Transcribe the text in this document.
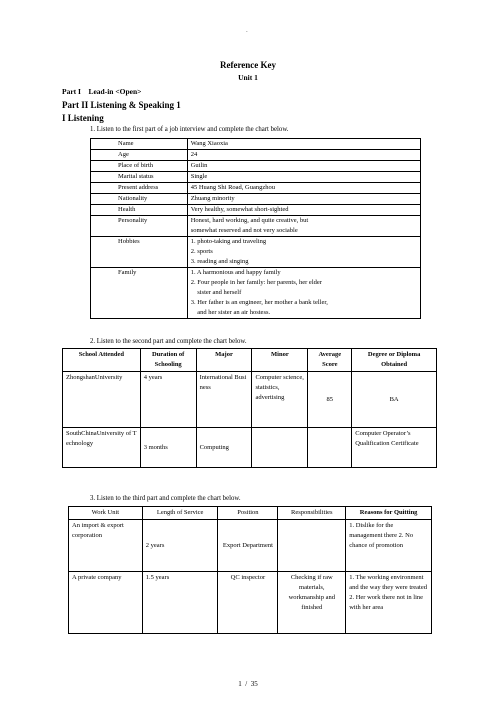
.
Reference Key
Unit 1
Part I    Lead-in <Open>
Part II Listening & Speaking 1
I Listening
1. Listen to the first part of a job interview and complete the chart below.
Name	Wang Xiaoxia

Age	24

Place of birth	Guilin

Marital status	Single

Present address	45 Huang Shi Road, Guangzhou

Nationality	Zhuang minority

Health	Very healthy, somewhat short-sighted

Personality	Honest, hard working, and quite creative, but
somewhat reserved and not very sociable

Hobbies	1. photo-taking and traveling
2. sports
3. reading and singing

Family	1. A harmonious and happy family
2. Four people in her family: her parents, her elder
sister and herself
3. Her father is an engineer, her mother a bank teller,
and her sister an air hostess.
2. Listen to the second part and complete the chart below.
School Attended	Duration of Schooling	Major	Minor	Average Score	Degree or Diploma Obtained
ZhongshanUniversity	4 years	International Business	Computer science, statistics, advertising	85	BA
SouthChinaUniversity of Technology	3 months	Computing			Computer Operator’s Qualification Certificate
3. Listen to the third part and complete the chart below.
Work Unit	Length of Service	Position	Responsibilities	Reasons for Quitting
An import & export corporation	2 years	Export Department		1. Dislike for the management there 2. No chance of promotion
A private company	1.5 years	QC inspector	Checking if raw materials, workmanship and finished	1. The working environment and the way they were treated 2. Her work there not in line with her area
1  /  35
